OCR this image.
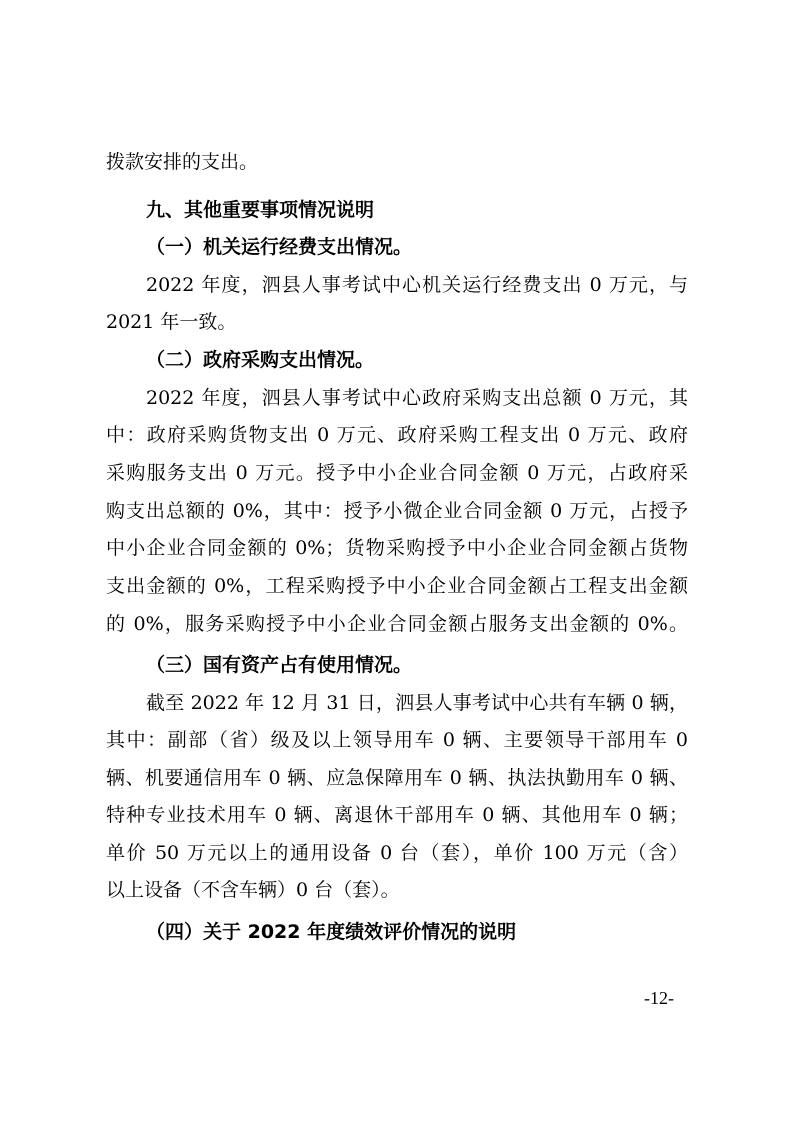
拨款安排的支出。
九、其他重要事项情况说明
（一）机关运行经费支出情况。
2022 年度，泗县人事考试中心机关运行经费支出 0 万元，与
2021 年一致。
（二）政府采购支出情况。
2022 年度，泗县人事考试中心政府采购支出总额 0 万元，其
中：政府采购货物支出 0 万元、政府采购工程支出 0 万元、政府
采购服务支出 0 万元。授予中小企业合同金额 0 万元，占政府采
购支出总额的 0%，其中：授予小微企业合同金额 0 万元，占授予
中小企业合同金额的 0%；货物采购授予中小企业合同金额占货物
支出金额的 0%，工程采购授予中小企业合同金额占工程支出金额
的 0%，服务采购授予中小企业合同金额占服务支出金额的 0%。
（三）国有资产占有使用情况。
截至 2022 年 12 月 31 日，泗县人事考试中心共有车辆 0 辆，
其中：副部（省）级及以上领导用车 0 辆、主要领导干部用车 0
辆、机要通信用车 0 辆、应急保障用车 0 辆、执法执勤用车 0 辆、
特种专业技术用车 0 辆、离退休干部用车 0 辆、其他用车 0 辆；
单价 50 万元以上的通用设备 0 台（套），单价 100 万元（含）
以上设备（不含车辆）0 台（套）。
（四）关于 2022 年度绩效评价情况的说明
-12-
